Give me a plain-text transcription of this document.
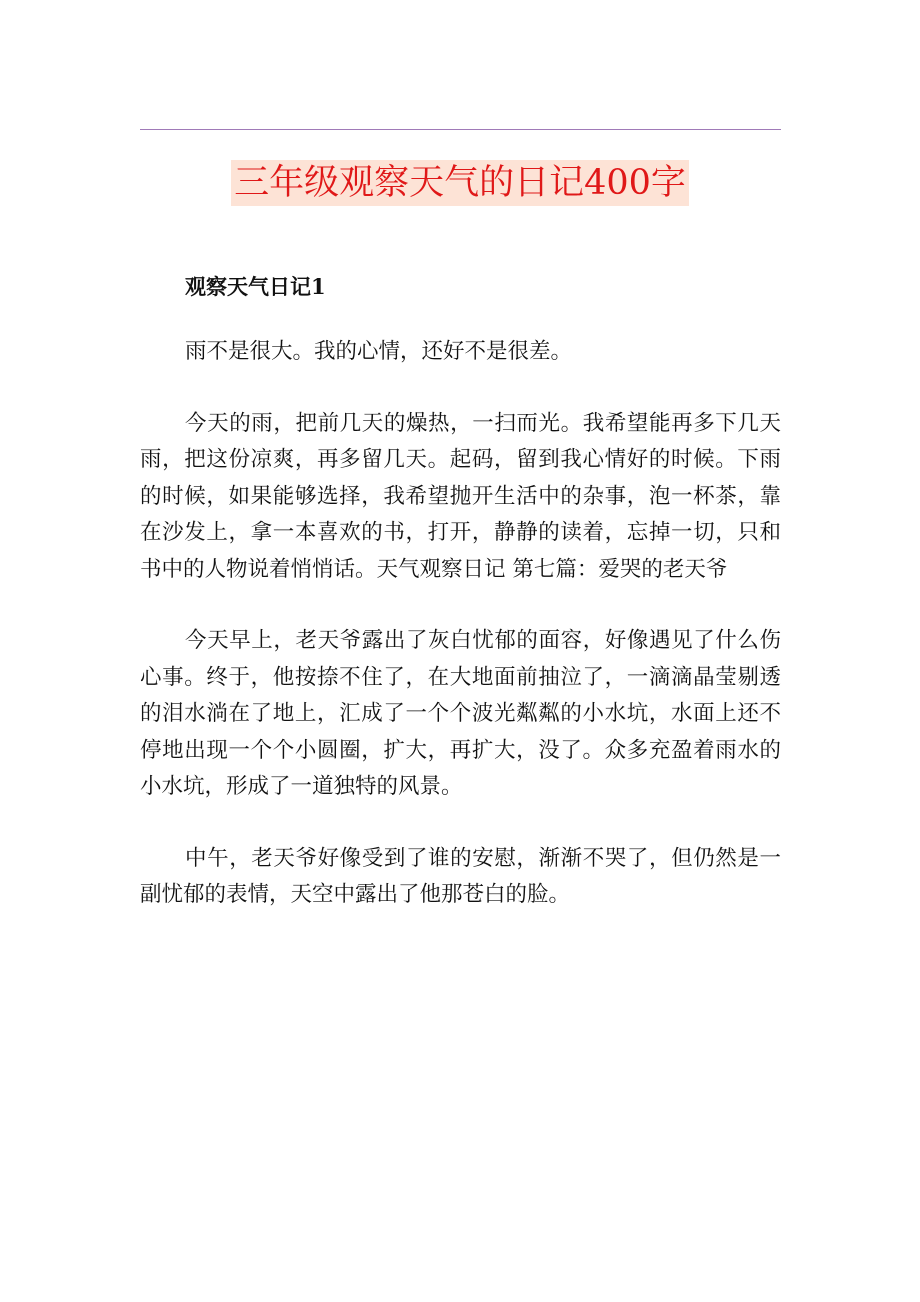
三年级观察天气的日记400字
观察天气日记1

雨不是很大。我的心情，还好不是很差。

今天的雨，把前几天的燥热，一扫而光。我希望能再多下几天雨，把这份凉爽，再多留几天。起码，留到我心情好的时候。下雨的时候，如果能够选择，我希望抛开生活中的杂事，泡一杯茶，靠在沙发上，拿一本喜欢的书，打开，静静的读着，忘掉一切，只和书中的人物说着悄悄话。天气观察日记 第七篇：爱哭的老天爷

今天早上，老天爷露出了灰白忧郁的面容，好像遇见了什么伤心事。终于，他按捺不住了，在大地面前抽泣了，一滴滴晶莹剔透的泪水淌在了地上，汇成了一个个波光粼粼的小水坑，水面上还不停地出现一个个小圆圈，扩大，再扩大，没了。众多充盈着雨水的小水坑，形成了一道独特的风景。

中午，老天爷好像受到了谁的安慰，渐渐不哭了，但仍然是一副忧郁的表情，天空中露出了他那苍白的脸。
